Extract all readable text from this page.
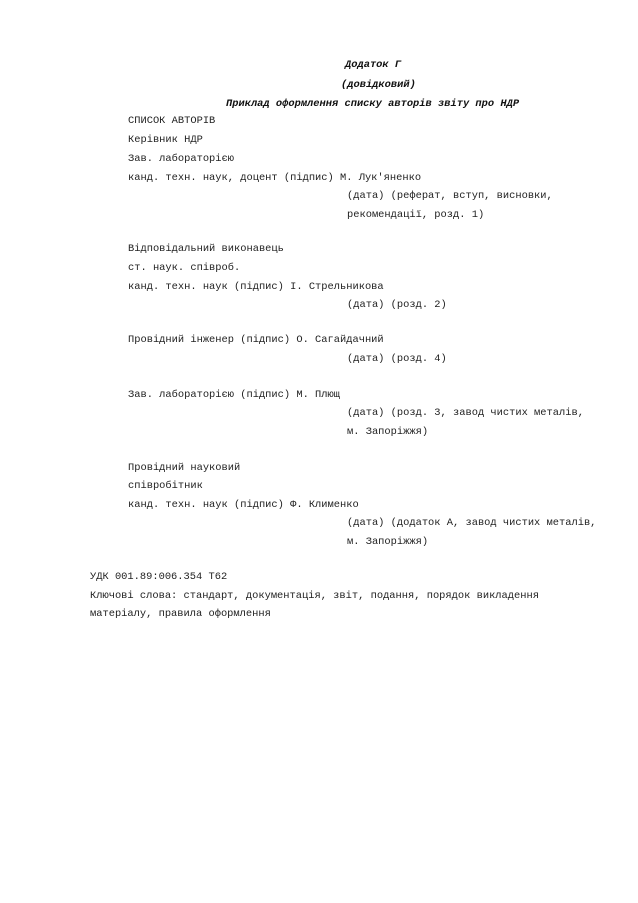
Додаток Г
(довідковий)
Приклад оформлення списку авторів звіту про НДР
СПИСОК АВТОРІВ
Керівник НДР
Зав. лабораторією
канд. техн. наук, доцент (підпис) М. Лук'яненко
(дата) (реферат, вступ, висновки,
рекомендації, розд. 1)
Відповідальний виконавець
ст. наук. співроб.
канд. техн. наук (підпис) І. Стрельникова
(дата) (розд. 2)
Провідний інженер (підпис) О. Сагайдачний
(дата) (розд. 4)
Зав. лабораторією (підпис) М. Плющ
(дата) (розд. 3, завод чистих металів,
м. Запоріжжя)
Провідний науковий
співробітник
канд. техн. наук (підпис) Ф. Клименко
(дата) (додаток А, завод чистих металів,
м. Запоріжжя)
УДК 001.89:006.354 Т62
Ключові слова: стандарт, документація, звіт, подання, порядок викладення
матеріалу, правила оформлення
